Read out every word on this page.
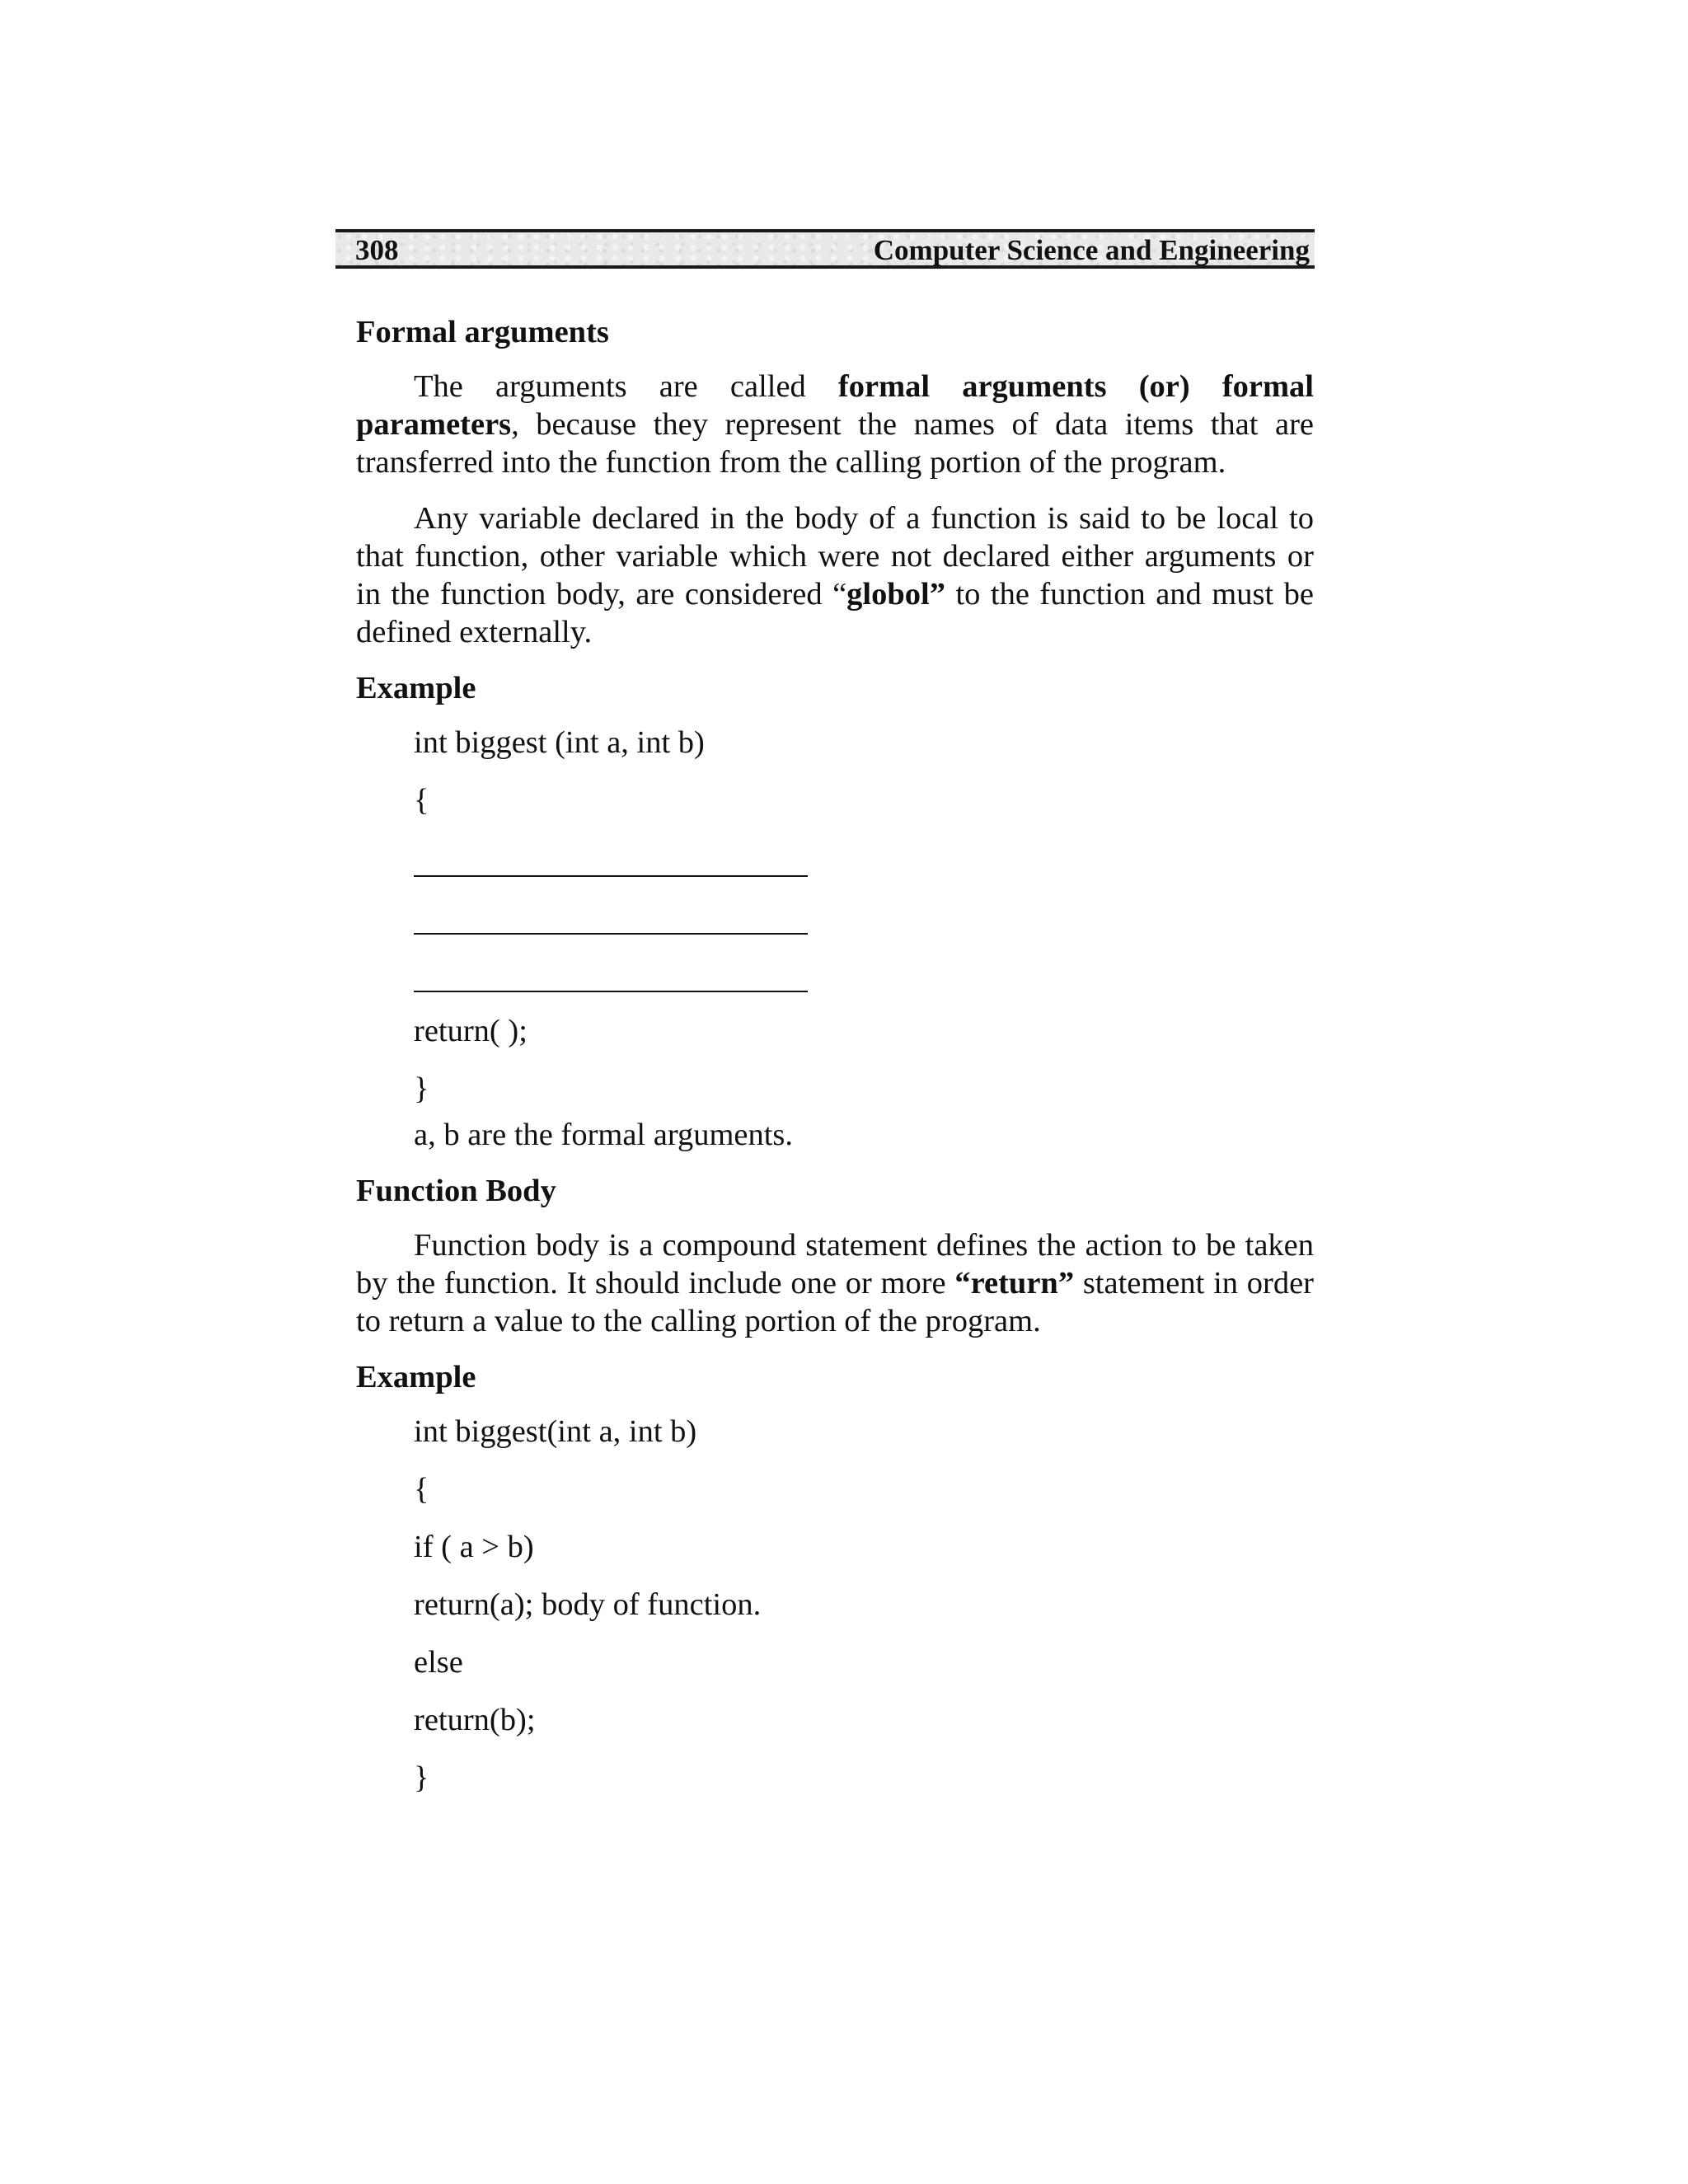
308	Computer Science and Engineering
Formal arguments

The arguments are called formal arguments (or) formal parameters, because they represent the names of data items that are transferred into the function from the calling portion of the program.

Any variable declared in the body of a function is said to be local to that function, other variable which were not declared either arguments or in the function body, are considered “globol” to the function and must be defined externally.

Example
int biggest (int a, int b)
{
return( );
}
a, b are the formal arguments.
Function Body

Function body is a compound statement defines the action to be taken by the function. It should include one or more “return” statement in order to return a value to the calling portion of the program.

Example
int biggest(int a, int b)
{
if ( a > b)
return(a); body of function.
else
return(b);
}
